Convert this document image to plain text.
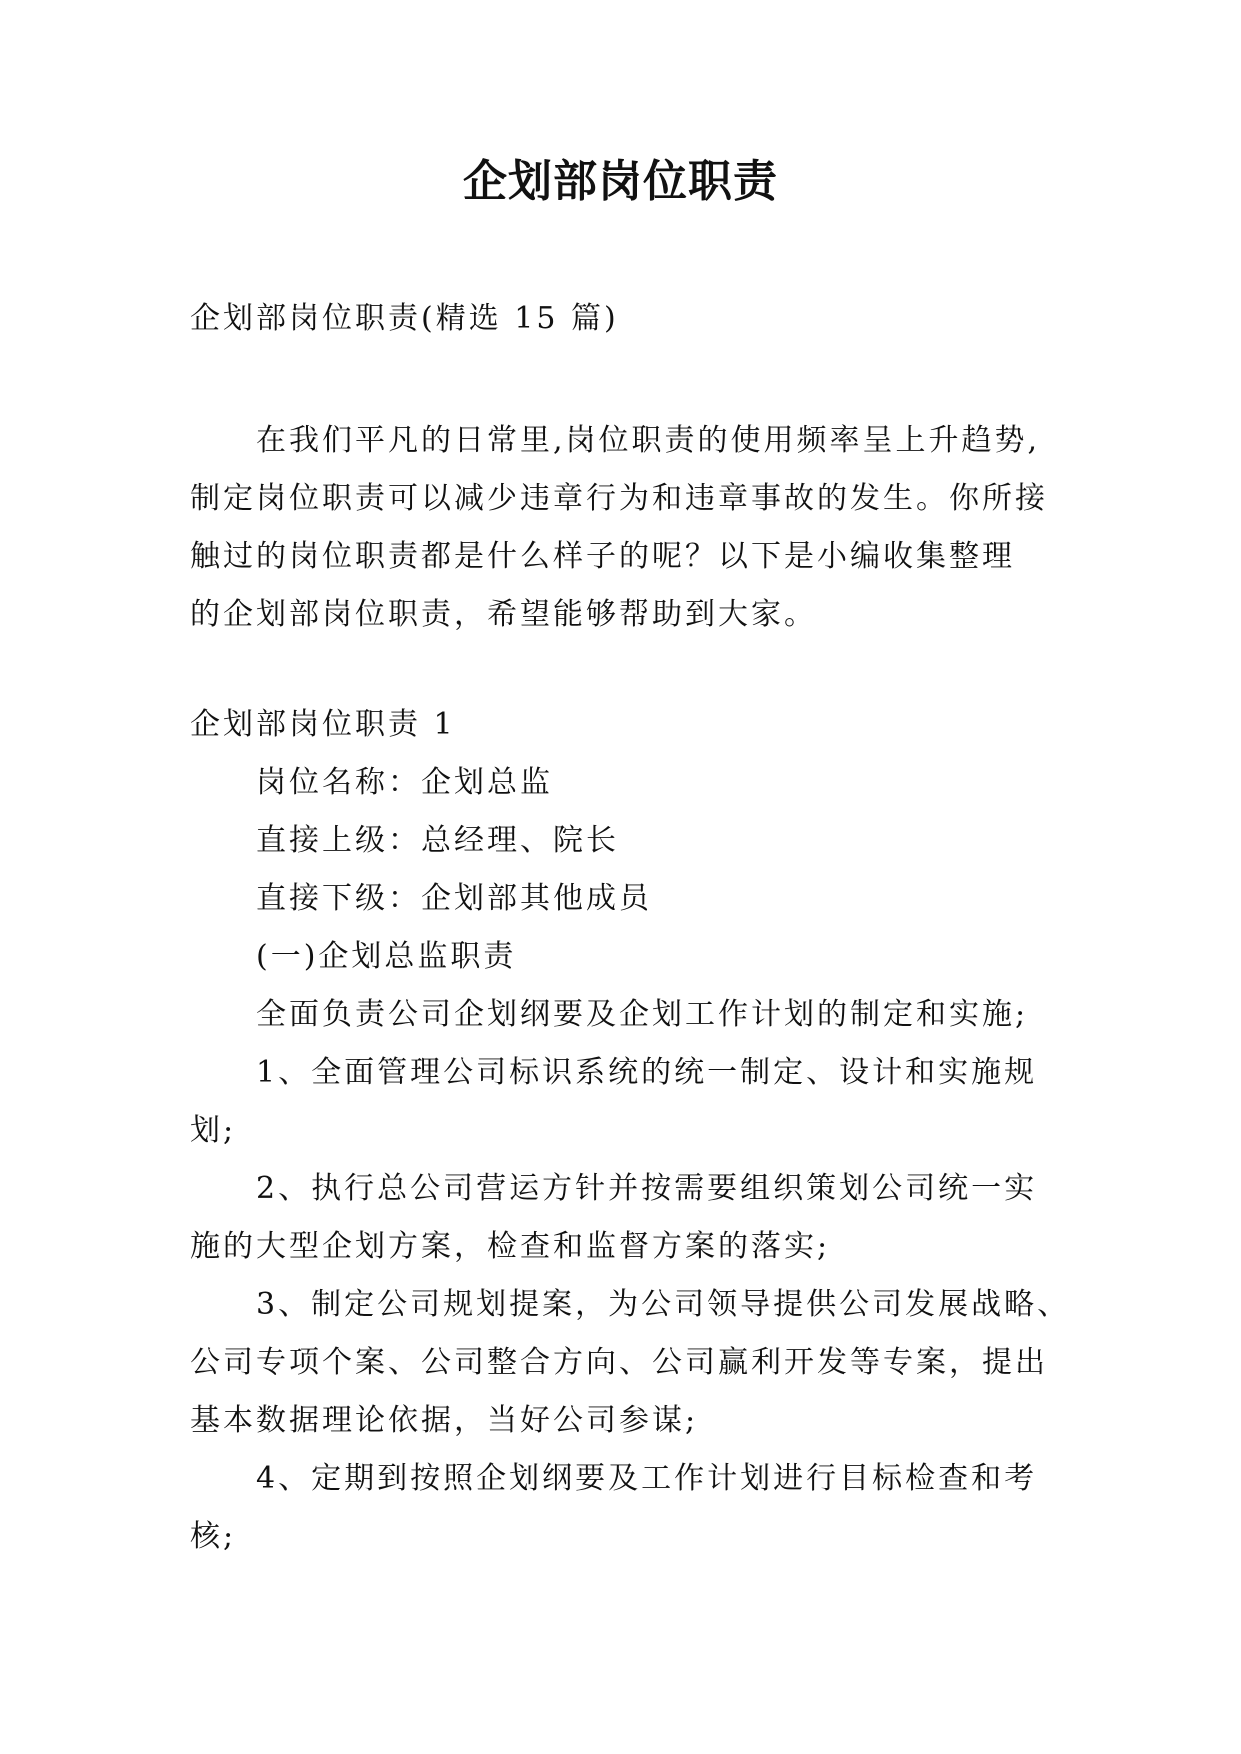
企划部岗位职责

企划部岗位职责(精选 15 篇)

在我们平凡的日常里,岗位职责的使用频率呈上升趋势,
制定岗位职责可以减少违章行为和违章事故的发生。你所接
触过的岗位职责都是什么样子的呢？以下是小编收集整理
的企划部岗位职责，希望能够帮助到大家。

企划部岗位职责 1

岗位名称：企划总监

直接上级：总经理、院长

直接下级：企划部其他成员

(一)企划总监职责

全面负责公司企划纲要及企划工作计划的制定和实施;

1、全面管理公司标识系统的统一制定、设计和实施规
划;

2、执行总公司营运方针并按需要组织策划公司统一实
施的大型企划方案，检查和监督方案的落实;

3、制定公司规划提案，为公司领导提供公司发展战略、
公司专项个案、公司整合方向、公司赢利开发等专案，提出
基本数据理论依据，当好公司参谋;

4、定期到按照企划纲要及工作计划进行目标检查和考
核;
